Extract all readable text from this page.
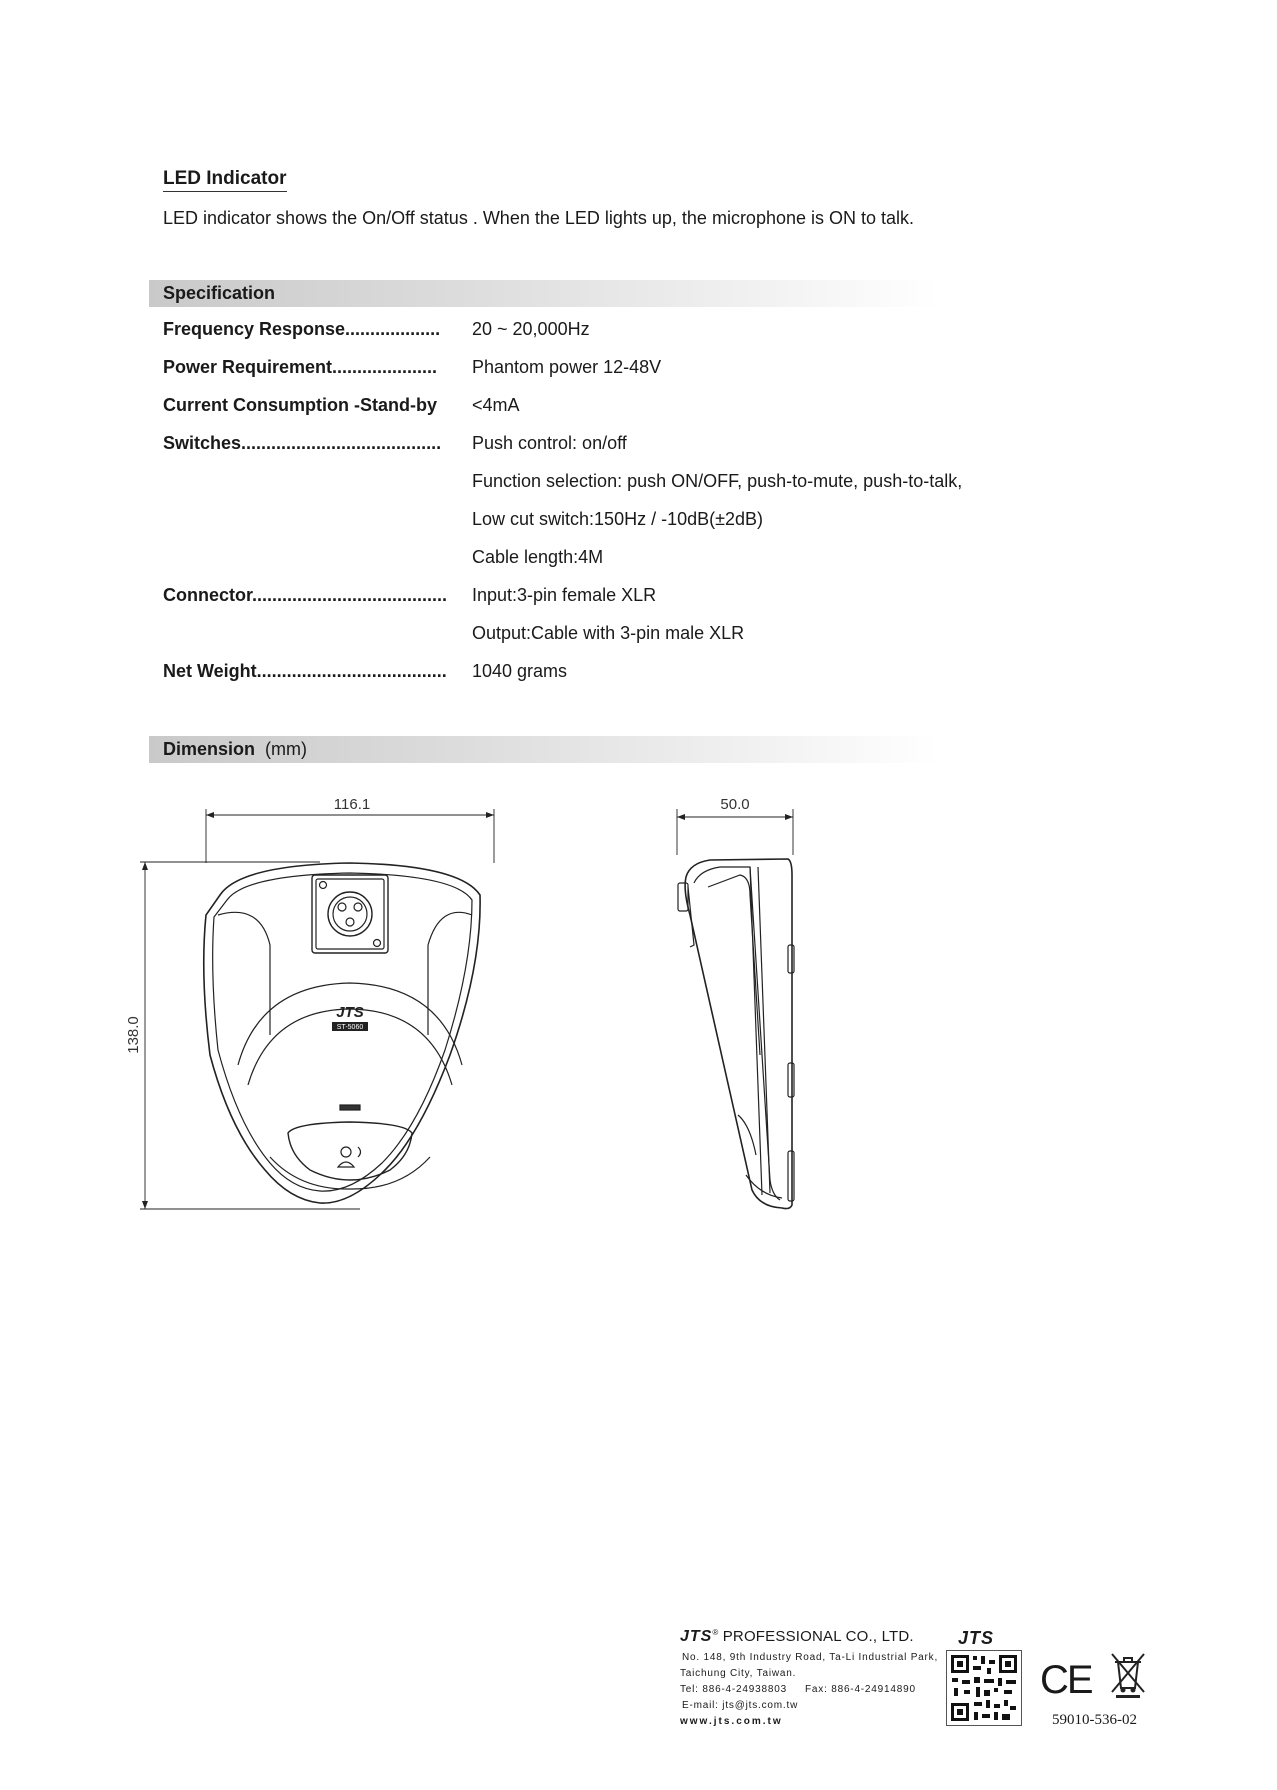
LED Indicator
LED indicator shows the On/Off status . When the LED lights up, the microphone is ON to talk.
Specification
Frequency Response................... 20 ~ 20,000Hz
Power Requirement..................... Phantom power 12-48V
Current Consumption -Stand-by <4mA
Switches........................................ Push control: on/off
Function selection: push ON/OFF, push-to-mute, push-to-talk,
Low cut switch:150Hz / -10dB(±2dB)
Cable length:4M
Connector....................................... Input:3-pin female XLR
Output:Cable with 3-pin male XLR
Net Weight...................................... 1040 grams
Dimension (mm)
116.1
138.0
JTS
ST-5060
50.0
JTS® PROFESSIONAL CO., LTD.
No. 148, 9th Industry Road, Ta-Li Industrial Park,
Taichung City, Taiwan.
Tel: 886-4-24938803 Fax: 886-4-24914890
E-mail: jts@jts.com.tw
www.jts.com.tw
JTS
CE
59010-536-02
